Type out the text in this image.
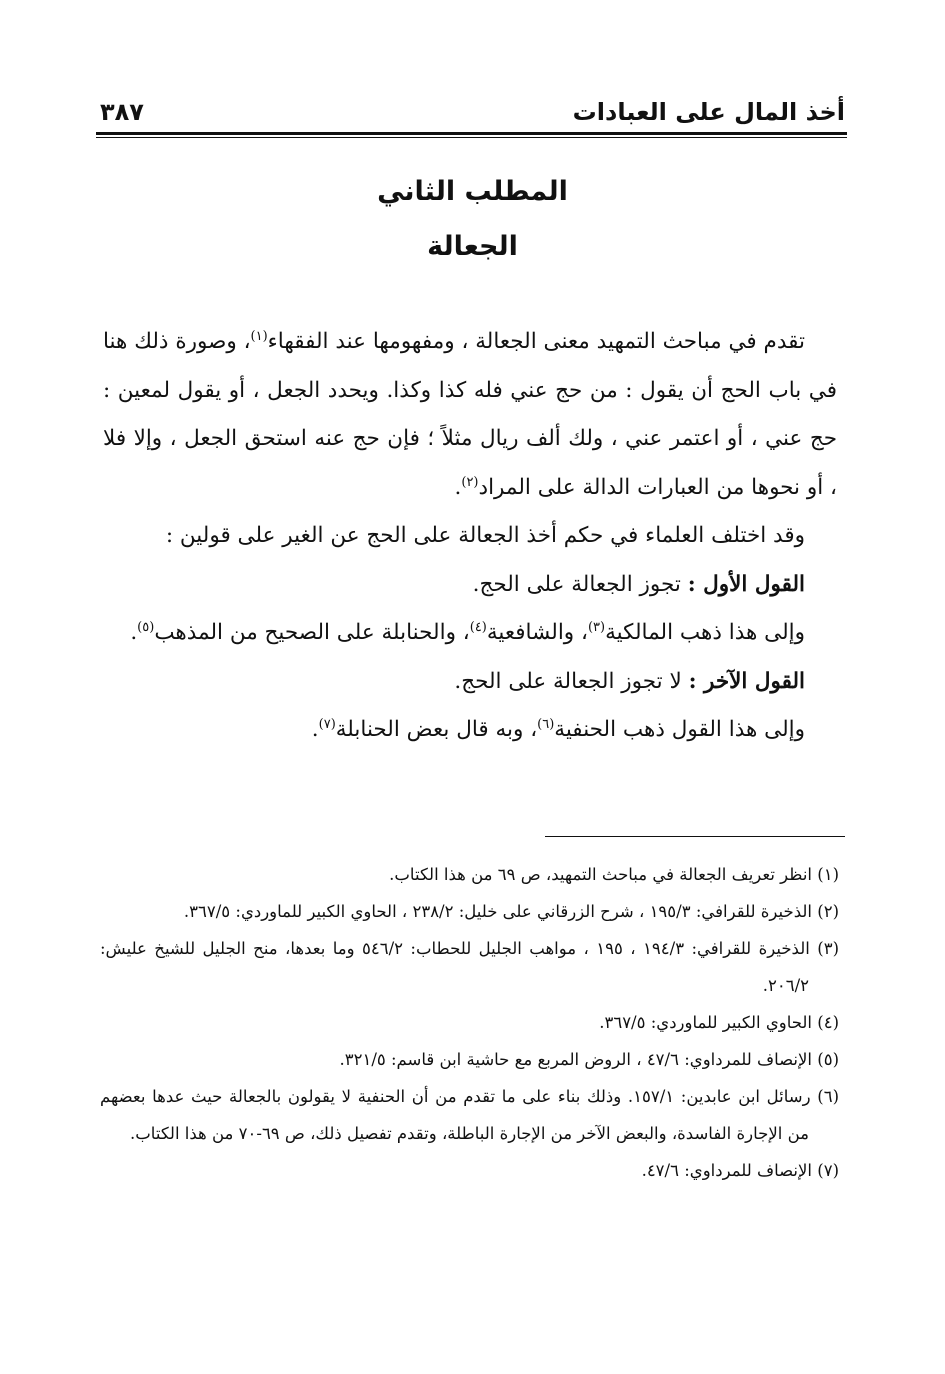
أخذ المال على العبادات
٣٨٧
المطلب الثاني
الجعالة

تقدم في مباحث التمهيد معنى الجعالة ، ومفهومها عند الفقهاء$^{(١)}$، وصورة ذلك هنا في باب الحج أن يقول : من حج عني فله كذا وكذا. ويحدد الجعل ، أو يقول لمعين : حج عني ، أو اعتمر عني ، ولك ألف ريال مثلاً ؛ فإن حج عنه استحق الجعل ، وإلا فلا ، أو نحوها من العبارات الدالة على المراد$^{(٢)}$.

وقد اختلف العلماء في حكم أخذ الجعالة على الحج عن الغير على قولين :

القول الأول : تجوز الجعالة على الحج.

وإلى هذا ذهب المالكية$^{(٣)}$، والشافعية$^{(٤)}$، والحنابلة على الصحيح من المذهب$^{(٥)}$.

القول الآخر : لا تجوز الجعالة على الحج.

وإلى هذا القول ذهب الحنفية$^{(٦)}$، وبه قال بعض الحنابلة$^{(٧)}$.

(١) انظر تعريف الجعالة في مباحث التمهيد، ص ٦٩ من هذا الكتاب.

(٢) الذخيرة للقرافي: ١٩٥/٣ ، شرح الزرقاني على خليل: ٢٣٨/٢ ، الحاوي الكبير للماوردي: ٣٦٧/٥.

(٣) الذخيرة للقرافي: ١٩٤/٣ ، ١٩٥ ، مواهب الجليل للحطاب: ٥٤٦/٢ وما بعدها، منح الجليل للشيخ عليش: ٢٠٦/٢.

(٤) الحاوي الكبير للماوردي: ٣٦٧/٥.

(٥) الإنصاف للمرداوي: ٤٧/٦ ، الروض المربع مع حاشية ابن قاسم: ٣٢١/٥.

(٦) رسائل ابن عابدين: ١٥٧/١. وذلك بناء على ما تقدم من أن الحنفية لا يقولون بالجعالة حيث عدها بعضهم من الإجارة الفاسدة، والبعض الآخر من الإجارة الباطلة، وتقدم تفصيل ذلك، ص ٦٩-٧٠ من هذا الكتاب.

(٧) الإنصاف للمرداوي: ٤٧/٦.
